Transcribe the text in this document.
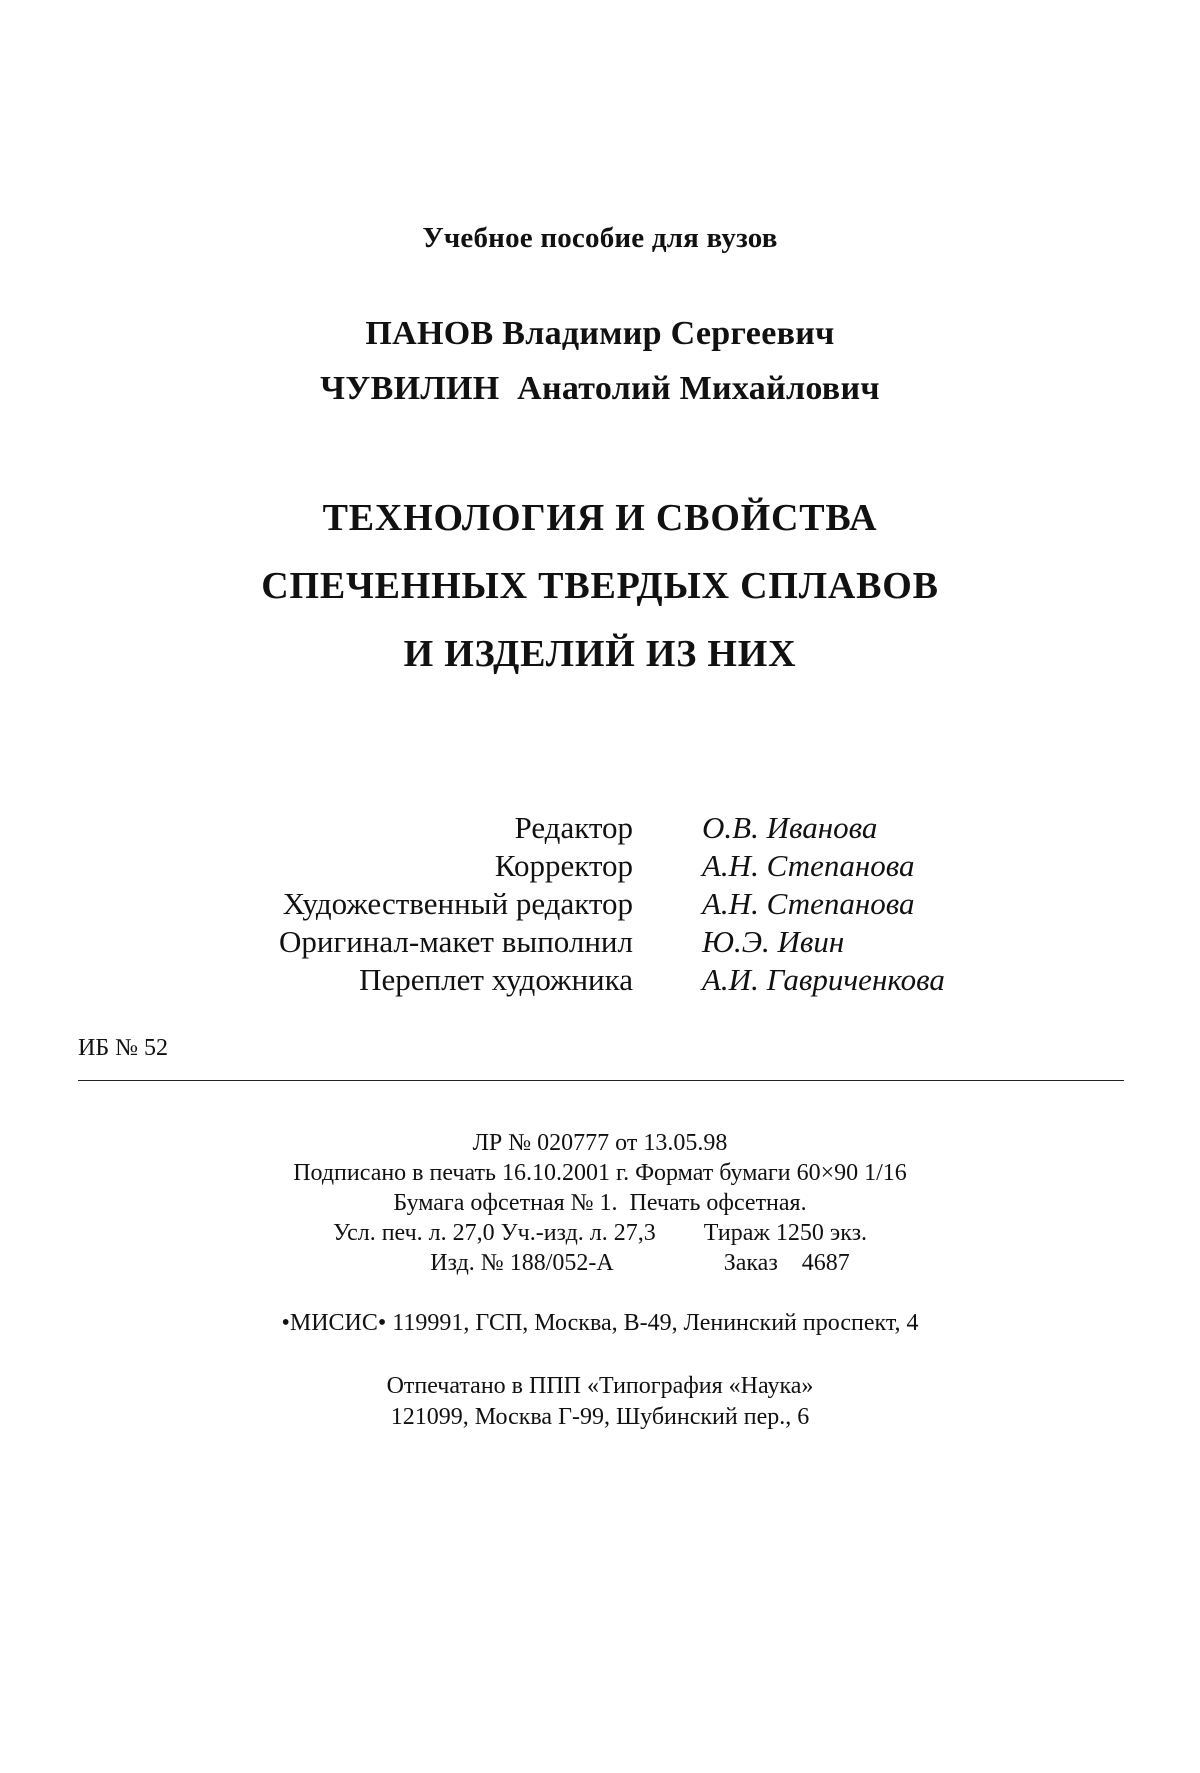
Учебное пособие для вузов
ПАНОВ Владимир Сергеевич
ЧУВИЛИН  Анатолий Михайлович
ТЕХНОЛОГИЯ И СВОЙСТВА
СПЕЧЕННЫХ ТВЕРДЫХ СПЛАВОВ
И ИЗДЕЛИЙ ИЗ НИХ
Редактор О.В. Иванова
Корректор А.Н. Степанова
Художественный редактор А.Н. Степанова
Оригинал-макет выполнил Ю.Э. Ивин
Переплет художника А.И. Гавриченкова
ИБ № 52
ЛР № 020777 от 13.05.98
Подписано в печать 16.10.2001 г. Формат бумаги 60×90 1/16
Бумага офсетная № 1.  Печать офсетная.
Усл. печ. л. 27,0 Уч.-изд. л. 27,3 Тираж 1250 экз.
Изд. № 188/052-А	Заказ    4687
•МИСИС• 119991, ГСП, Москва, В-49, Ленинский проспект, 4
Отпечатано в ППП «Типография «Наука»
121099, Москва Г-99, Шубинский пер., 6
